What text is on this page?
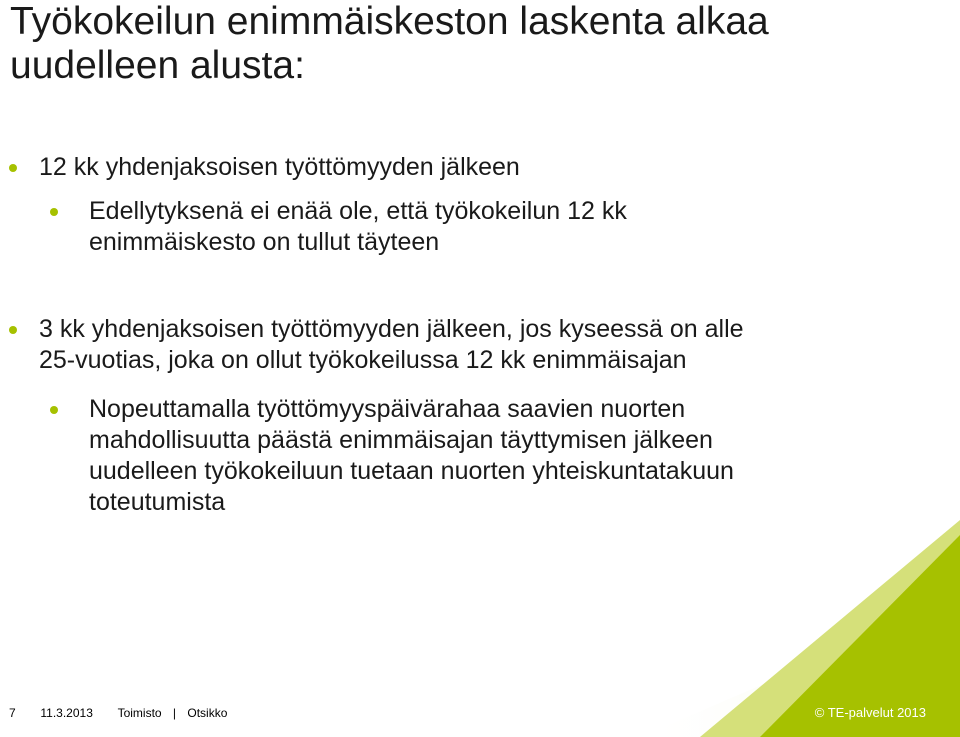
Työkokeilun enimmäiskeston laskenta alkaa
uudelleen alusta:
12 kk yhdenjaksoisen työttömyyden jälkeen
Edellytyksenä ei enää ole, että työkokeilun 12 kk
enimmäiskesto on tullut täyteen
3 kk yhdenjaksoisen työttömyyden jälkeen, jos kyseessä on alle
25-vuotias, joka on ollut työkokeilussa 12 kk enimmäisajan
Nopeuttamalla työttömyyspäivärahaa saavien nuorten
mahdollisuutta päästä enimmäisajan täyttymisen jälkeen
uudelleen työkokeiluun tuetaan nuorten yhteiskuntatakuun
toteutumista
7 11.3.2013 Toimisto | Otsikko	© TE-palvelut 2013
